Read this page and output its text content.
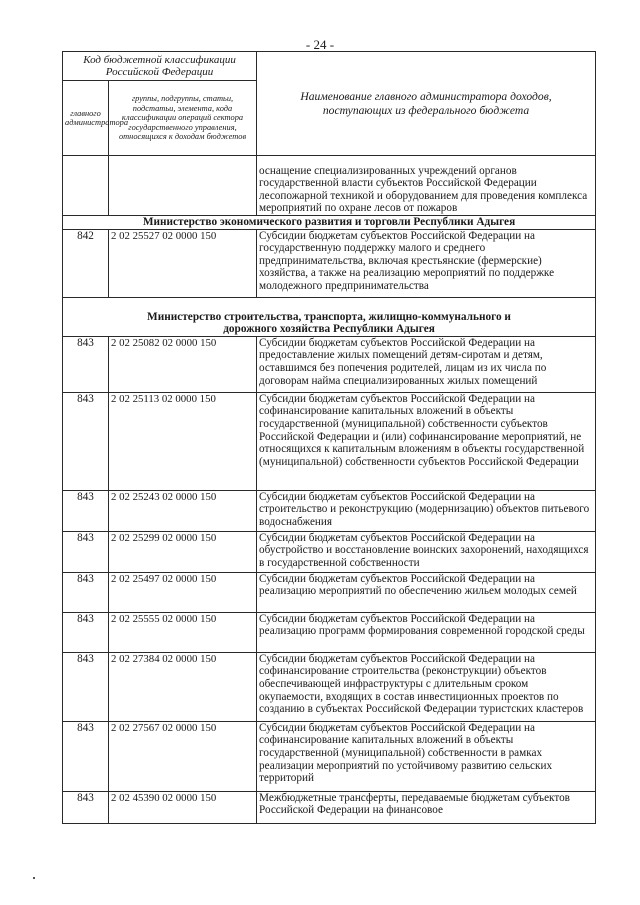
- 24 -
Код бюджетной классификации Российской Федерации		Наименование главного администратора доходов, поступающих из федерального бюджета

главного администратора	группы, подгруппы, статьи, подстатьи, элемента, кода классификации операций сектора государственного управления, относящихся к доходам бюджетов	
		оснащение специализированных учреждений органов государственной власти субъектов Российской Федерации лесопожарной техникой и оборудованием для проведения комплекса мероприятий по охране лесов от пожаров
Министерство экономического развития и торговли Республики Адыгея		
842	2 02 25527 02 0000 150	Субсидии бюджетам субъектов Российской Федерации на государственную поддержку малого и среднего предпринимательства, включая крестьянские (фермерские) хозяйства, а также на реализацию мероприятий по поддержке молодежного предпринимательства
Министерство строительства, транспорта, жилищно-коммунального и дорожного хозяйства Республики Адыгея		
843	2 02 25082 02 0000 150	Субсидии бюджетам субъектов Российской Федерации на предоставление жилых помещений детям-сиротам и детям, оставшимся без попечения родителей, лицам из их числа по договорам найма специализированных жилых помещений
843	2 02 25113 02 0000 150	Субсидии бюджетам субъектов Российской Федерации на софинансирование капитальных вложений в объекты государственной (муниципальной) собственности субъектов Российской Федерации и (или) софинансирование мероприятий, не относящихся к капитальным вложениям в объекты государственной (муниципальной) собственности субъектов Российской Федерации
843	2 02 25243 02 0000 150	Субсидии бюджетам субъектов Российской Федерации на строительство и реконструкцию (модернизацию) объектов питьевого водоснабжения
843	2 02 25299 02 0000 150	Субсидии бюджетам субъектов Российской Федерации на обустройство и восстановление воинских захоронений, находящихся в государственной собственности
843	2 02 25497 02 0000 150	Субсидии бюджетам субъектов Российской Федерации на реализацию мероприятий по обеспечению жильем молодых семей
843	2 02 25555 02 0000 150	Субсидии бюджетам субъектов Российской Федерации на реализацию программ формирования современной городской среды
843	2 02 27384 02 0000 150	Субсидии бюджетам субъектов Российской Федерации на софинансирование строительства (реконструкции) объектов обеспечивающей инфраструктуры с длительным сроком окупаемости, входящих в состав инвестиционных проектов по созданию в субъектах Российской Федерации туристских кластеров
843	2 02 27567 02 0000 150	Субсидии бюджетам субъектов Российской Федерации на софинансирование капитальных вложений в объекты государственной (муниципальной) собственности в рамках реализации мероприятий по устойчивому развитию сельских территорий
843	2 02 45390 02 0000 150	Межбюджетные трансферты, передаваемые бюджетам субъектов Российской Федерации на финансовое
